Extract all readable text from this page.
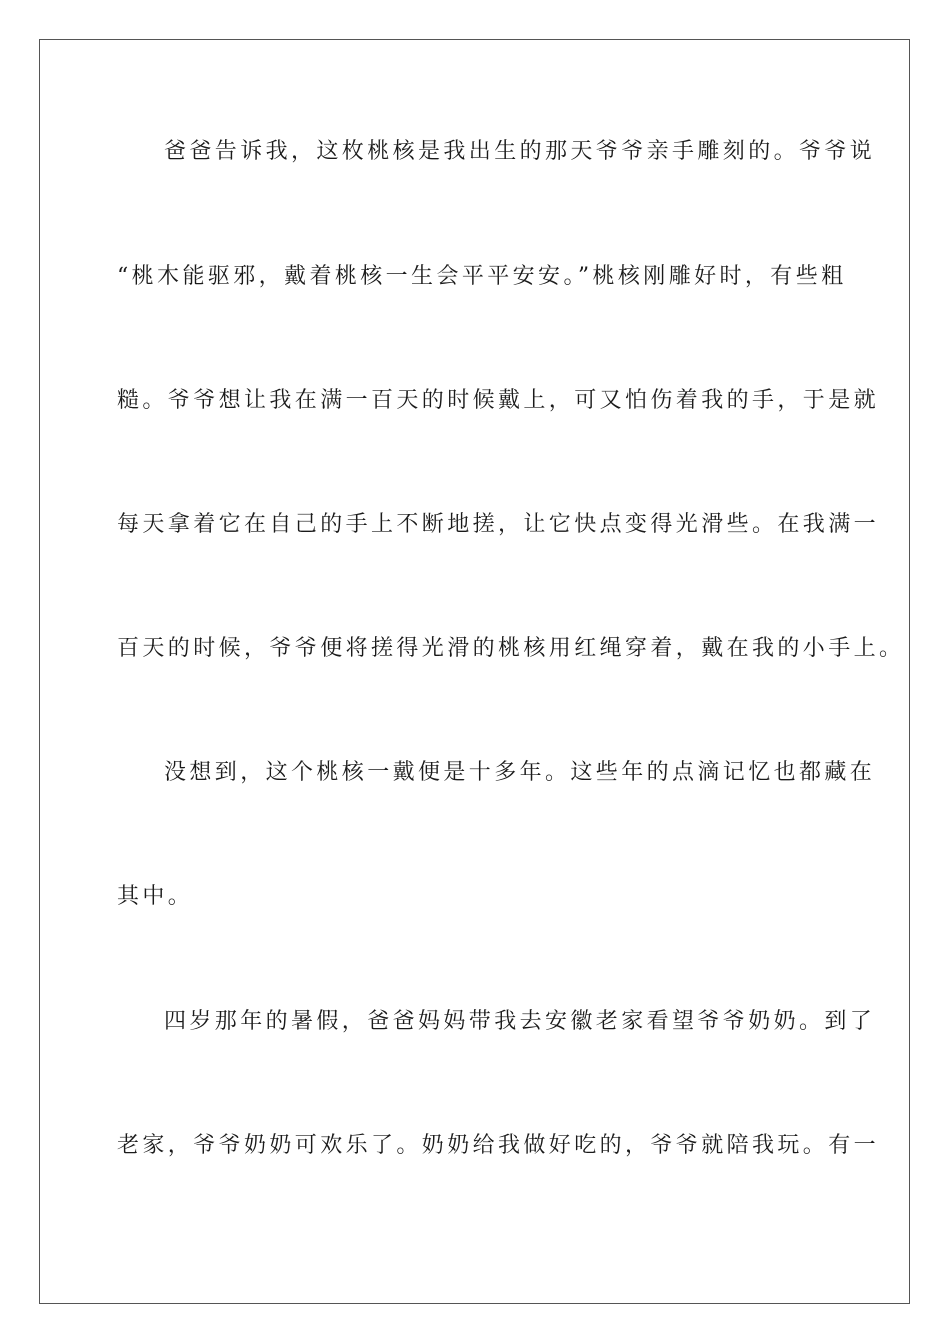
爸爸告诉我，这枚桃核是我出生的那天爷爷亲手雕刻的。爷爷说
“桃木能驱邪，戴着桃核一生会平平安安。”桃核刚雕好时，有些粗
糙。爷爷想让我在满一百天的时候戴上，可又怕伤着我的手，于是就
每天拿着它在自己的手上不断地搓，让它快点变得光滑些。在我满一
百天的时候，爷爷便将搓得光滑的桃核用红绳穿着，戴在我的小手上。
没想到，这个桃核一戴便是十多年。这些年的点滴记忆也都藏在
其中。
四岁那年的暑假，爸爸妈妈带我去安徽老家看望爷爷奶奶。到了
老家，爷爷奶奶可欢乐了。奶奶给我做好吃的，爷爷就陪我玩。有一
